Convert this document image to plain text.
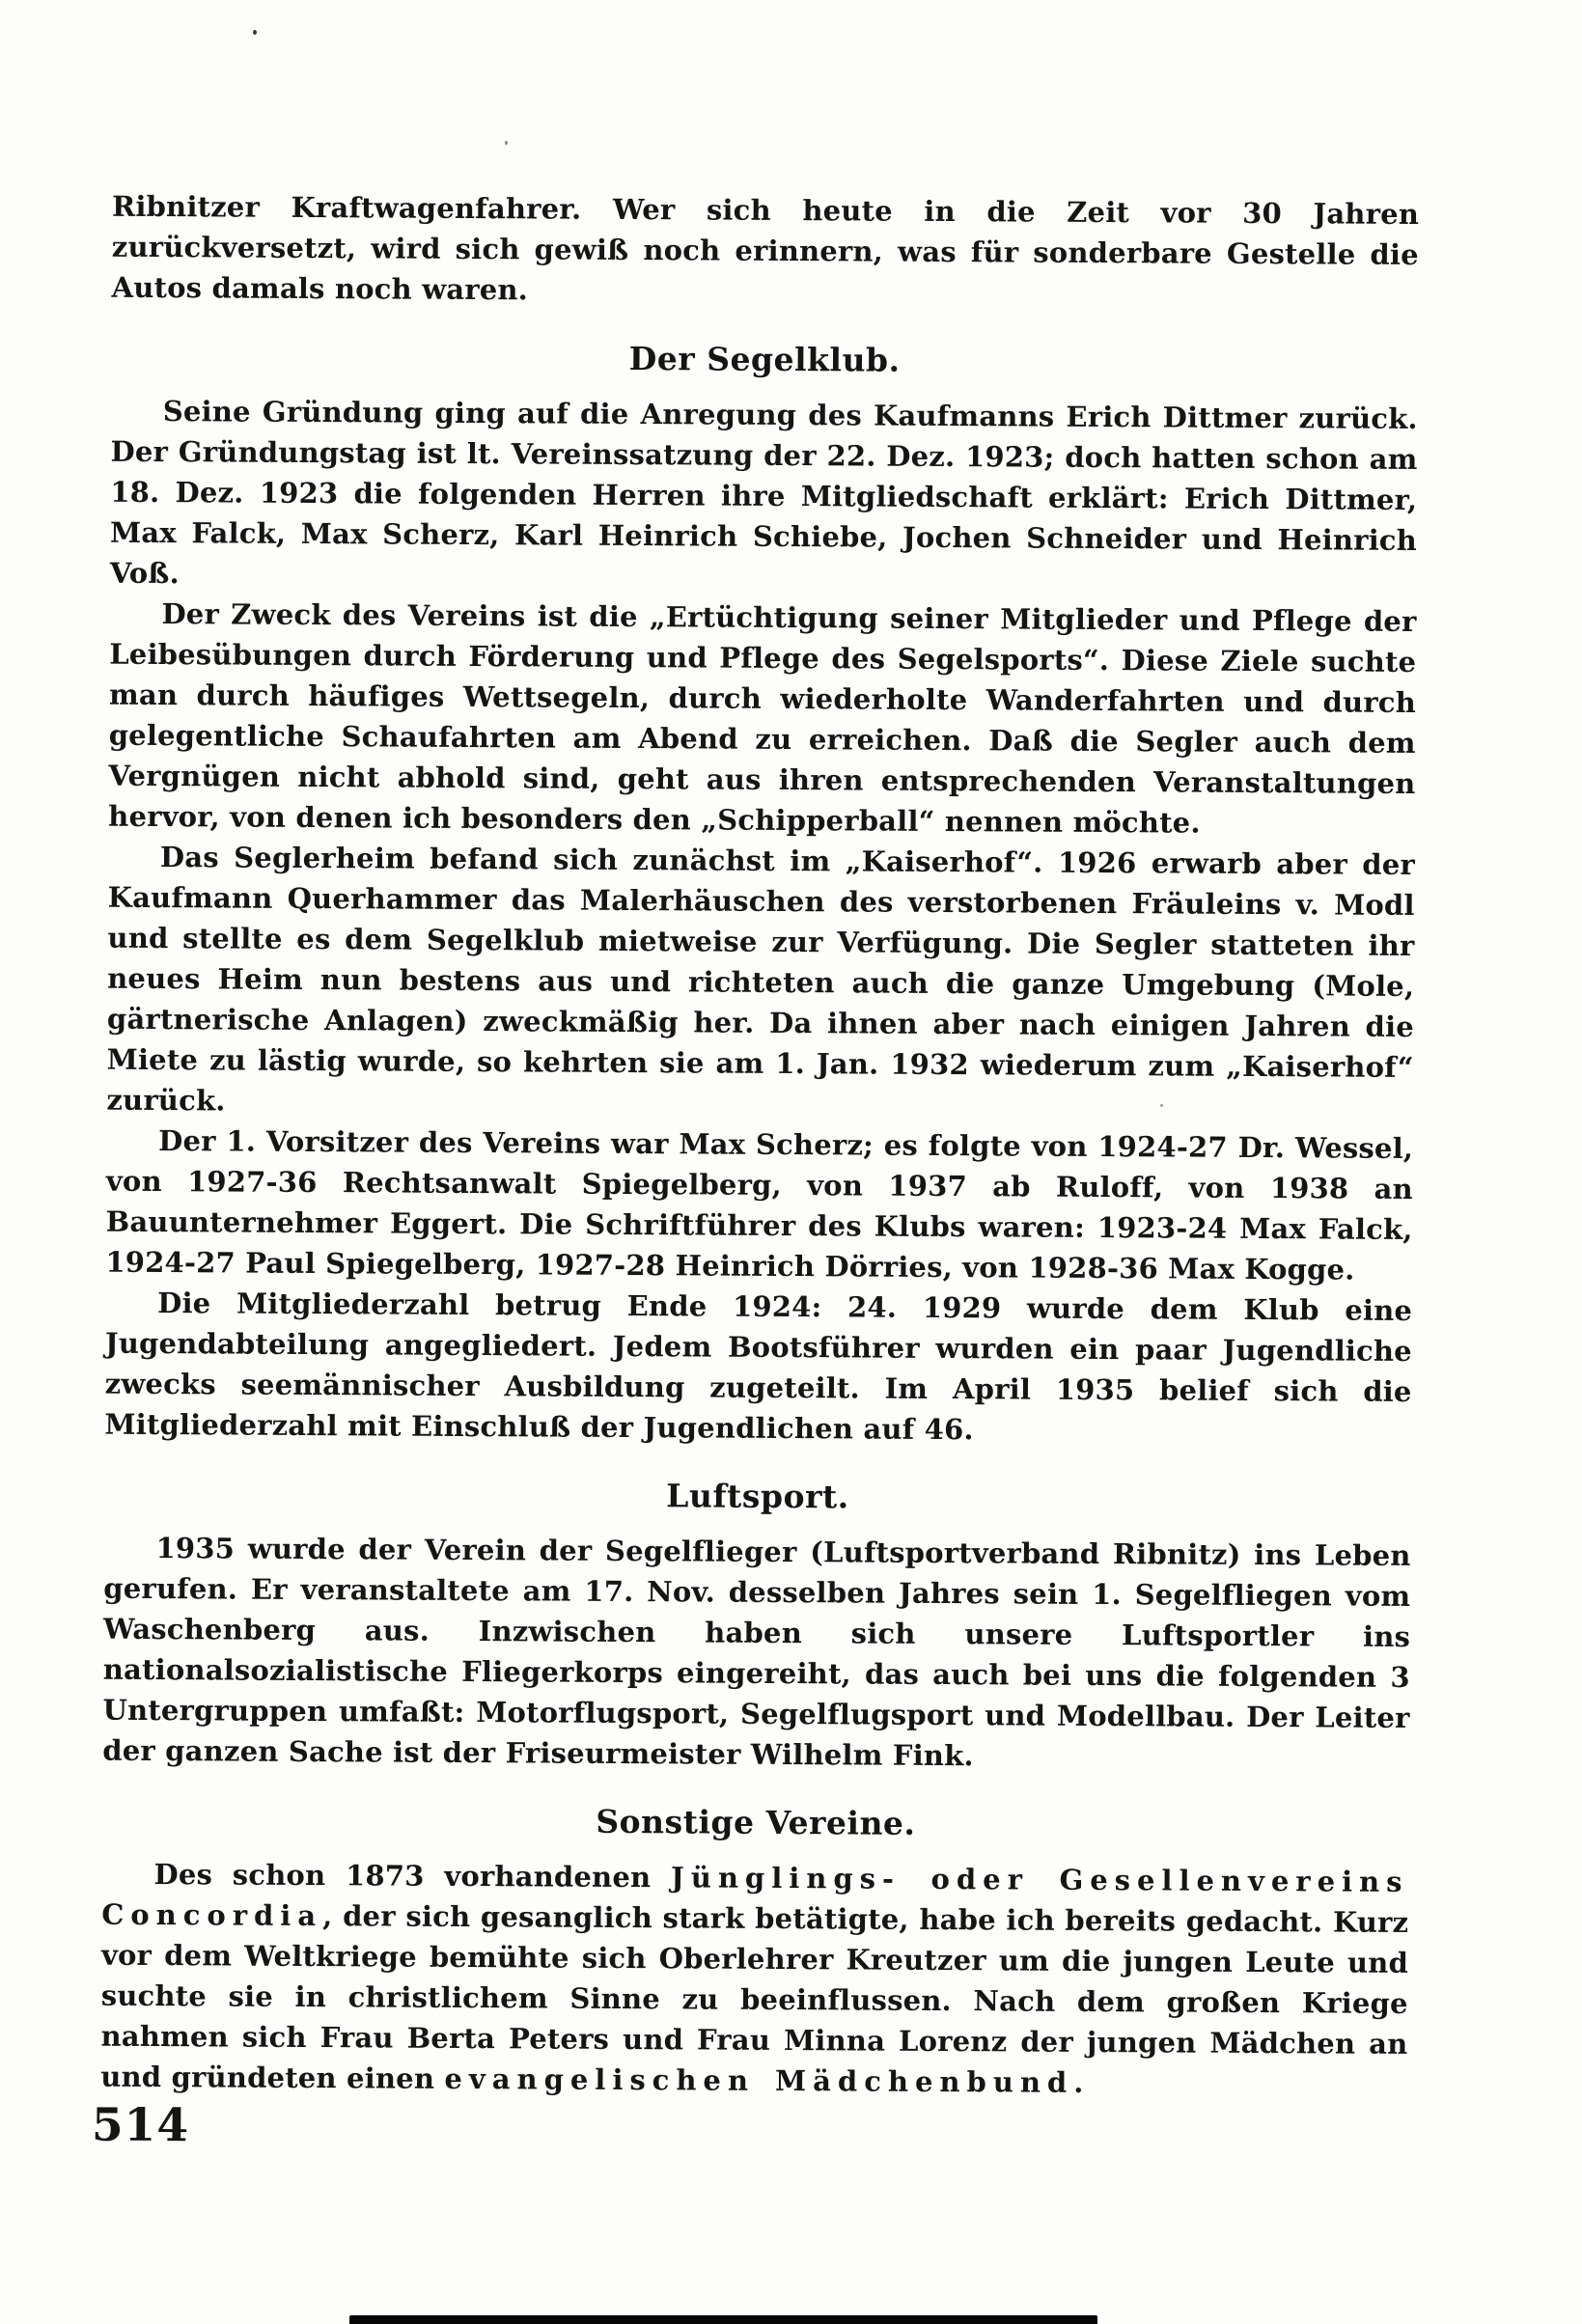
Ribnitzer Kraftwagenfahrer. Wer sich heute in die Zeit vor 30 Jahren zurückversetzt, wird sich gewiß noch erinnern, was für sonderbare Gestelle die Autos damals noch waren.

Der Segelklub.

Seine Gründung ging auf die Anregung des Kaufmanns Erich Dittmer zurück. Der Gründungstag ist lt. Vereinssatzung der 22. Dez. 1923; doch hatten schon am 18. Dez. 1923 die folgenden Herren ihre Mitgliedschaft erklärt: Erich Dittmer, Max Falck, Max Scherz, Karl Heinrich Schiebe, Jochen Schneider und Heinrich Voß.

Der Zweck des Vereins ist die „Ertüchtigung seiner Mitglieder und Pflege der Leibesübungen durch Förderung und Pflege des Segelsports“. Diese Ziele suchte man durch häufiges Wettsegeln, durch wiederholte Wanderfahrten und durch gelegentliche Schaufahrten am Abend zu erreichen. Daß die Segler auch dem Vergnügen nicht abhold sind, geht aus ihren entsprechenden Veranstaltungen hervor, von denen ich besonders den „Schipperball“ nennen möchte.

Das Seglerheim befand sich zunächst im „Kaiserhof“. 1926 erwarb aber der Kaufmann Querhammer das Malerhäuschen des verstorbenen Fräuleins v. Modl und stellte es dem Segelklub mietweise zur Verfügung. Die Segler statteten ihr neues Heim nun bestens aus und richteten auch die ganze Umgebung (Mole, gärtnerische Anlagen) zweckmäßig her. Da ihnen aber nach einigen Jahren die Miete zu lästig wurde, so kehrten sie am 1. Jan. 1932 wiederum zum „Kaiserhof“ zurück.

Der 1. Vorsitzer des Vereins war Max Scherz; es folgte von 1924-27 Dr. Wessel, von 1927-36 Rechtsanwalt Spiegelberg, von 1937 ab Ruloff, von 1938 an Bauunternehmer Eggert. Die Schriftführer des Klubs waren: 1923-24 Max Falck, 1924-27 Paul Spiegelberg, 1927-28 Heinrich Dörries, von 1928-36 Max Kogge.

Die Mitgliederzahl betrug Ende 1924: 24. 1929 wurde dem Klub eine Jugendabteilung angegliedert. Jedem Bootsführer wurden ein paar Jugendliche zwecks seemännischer Ausbildung zugeteilt. Im April 1935 belief sich die Mitgliederzahl mit Einschluß der Jugendlichen auf 46.

Luftsport.

1935 wurde der Verein der Segelflieger (Luftsportverband Ribnitz) ins Leben gerufen. Er veranstaltete am 17. Nov. desselben Jahres sein 1. Segelfliegen vom Waschenberg aus. Inzwischen haben sich unsere Luftsportler ins nationalsozialistische Fliegerkorps eingereiht, das auch bei uns die folgenden 3 Untergruppen umfaßt: Motorflugsport, Segelflugsport und Modellbau. Der Leiter der ganzen Sache ist der Friseurmeister Wilhelm Fink.

Sonstige Vereine.

Des schon 1873 vorhandenen Jünglings- oder Gesellenvereins Concordia, der sich gesanglich stark betätigte, habe ich bereits gedacht. Kurz vor dem Weltkriege bemühte sich Oberlehrer Kreutzer um die jungen Leute und suchte sie in christlichem Sinne zu beeinflussen. Nach dem großen Kriege nahmen sich Frau Berta Peters und Frau Minna Lorenz der jungen Mädchen an und gründeten einen evangelischen Mädchenbund.

514
